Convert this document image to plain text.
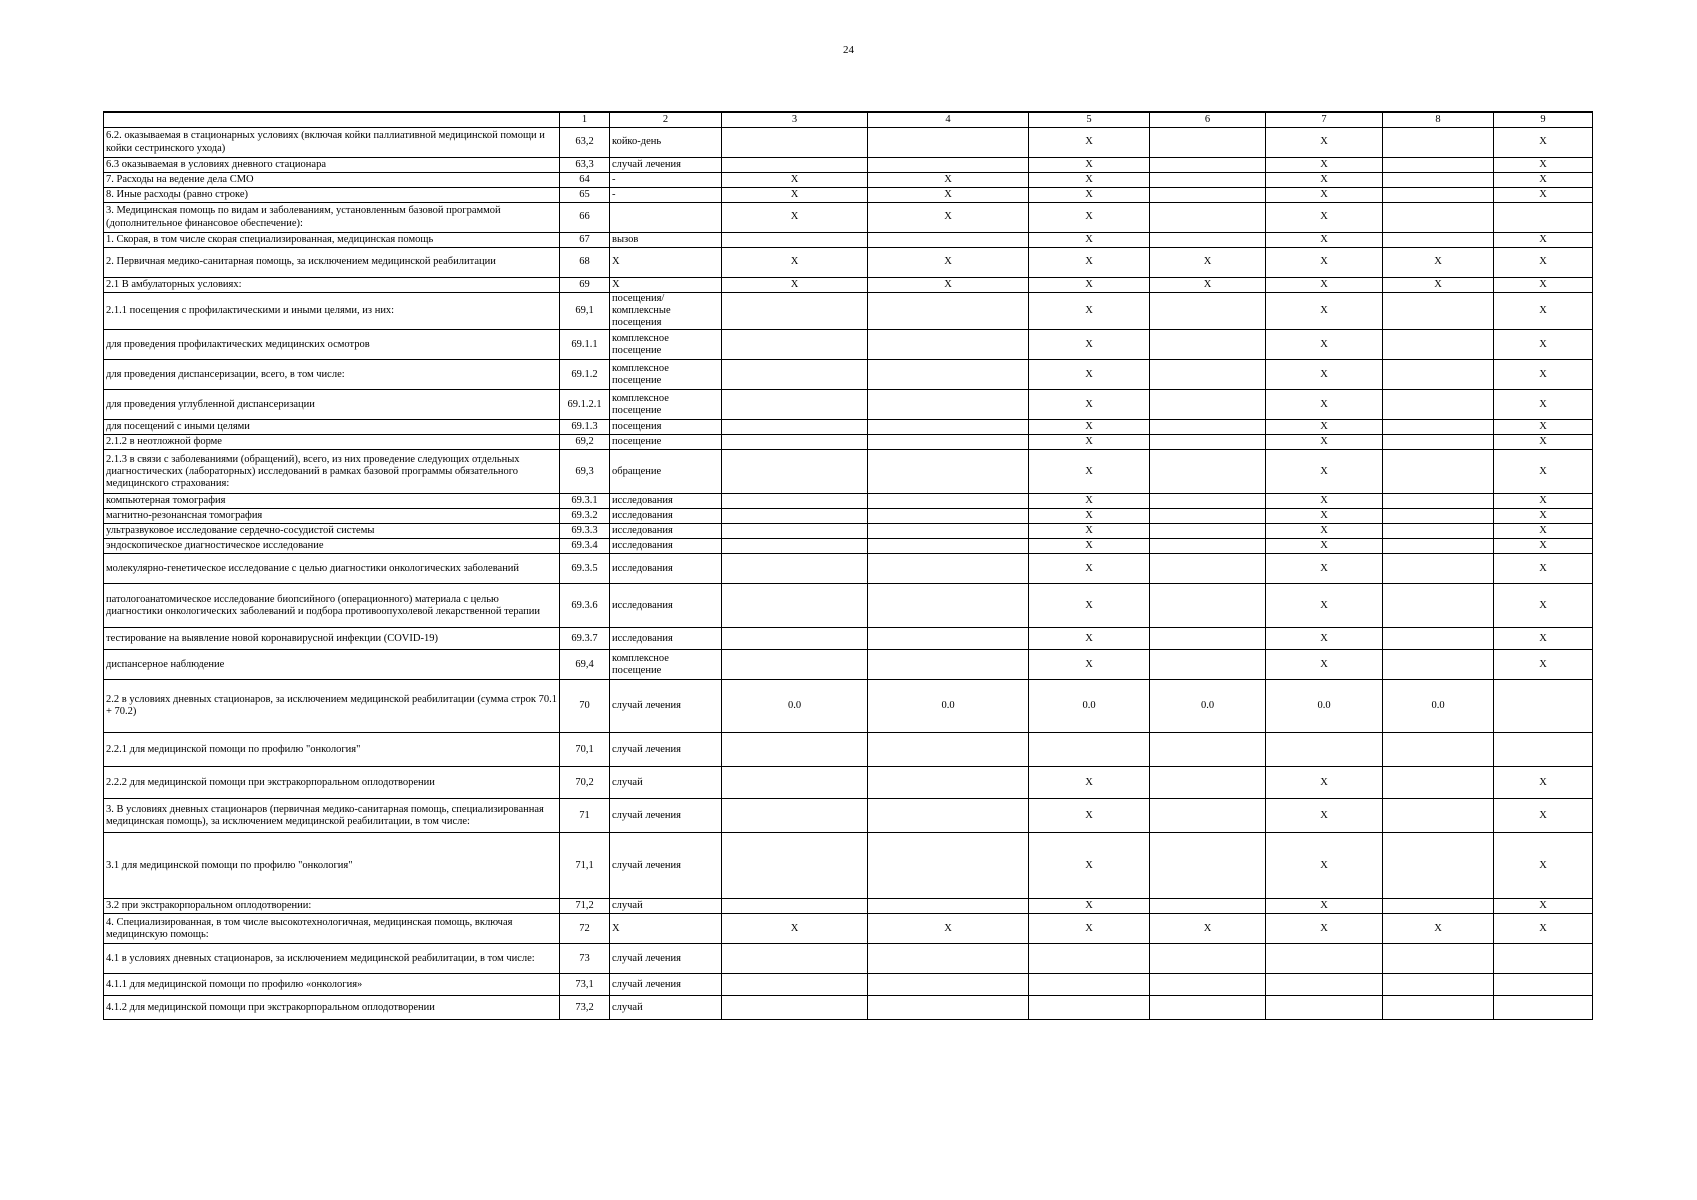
24
	1	2	3	4	5	6	7	8	9
6.2. оказываемая в стационарных условиях (включая койки паллиативной медицинской помощи и койки сестринского ухода)	63,2	койко-день			X		X		X
6.3 оказываемая в условиях дневного стационара	63,3	случай лечения			X		X		X
7. Расходы на ведение дела СМО	64	-	X	X	X		X		X
8. Иные расходы (равно строке)	65	-	X	X	X		X		X
3. Медицинская помощь по видам и заболеваниям, установленным базовой программой (дополнительное финансовое обеспечение):	66		X	X	X		X		
1. Скорая, в том числе скорая специализированная, медицинская помощь	67	вызов			X		X		X
2. Первичная медико-санитарная помощь, за исключением медицинской реабилитации	68	X	X	X	X	X	X	X	X
2.1 В амбулаторных условиях:	69	X	X	X	X	X	X	X	X
2.1.1 посещения с профилактическими и иными целями, из них:	69,1	посещения/комплексные посещения			X		X		X
для проведения профилактических медицинских осмотров	69.1.1	комплексное посещение			X		X		X
для проведения диспансеризации, всего, в том числе:	69.1.2	комплексное посещение			X		X		X
для проведения углубленной диспансеризации	69.1.2.1	комплексное посещение			X		X		X
для посещений с иными целями	69.1.3	посещения			X		X		X
2.1.2 в неотложной форме	69,2	посещение			X		X		X
2.1.3 в связи с заболеваниями (обращений), всего, из них проведение следующих отдельных диагностических (лабораторных) исследований в рамках базовой программы обязательного медицинского страхования:	69,3	обращение			X		X		X
компьютерная томография	69.3.1	исследования			X		X		X
магнитно-резонансная томография	69.3.2	исследования			X		X		X
ультразвуковое исследование сердечно-сосудистой системы	69.3.3	исследования			X		X		X
эндоскопическое диагностическое исследование	69.3.4	исследования			X		X		X
молекулярно-генетическое исследование с целью диагностики онкологических заболеваний	69.3.5	исследования			X		X		X
патологоанатомическое исследование биопсийного (операционного) материала с целью диагностики онкологических заболеваний и подбора противоопухолевой лекарственной терапии	69.3.6	исследования			X		X		X
тестирование на выявление новой коронавирусной инфекции (COVID-19)	69.3.7	исследования			X		X		X
диспансерное наблюдение	69,4	комплексное посещение			X		X		X
2.2 в условиях дневных стационаров, за исключением медицинской реабилитации (сумма строк 70.1 + 70.2)	70	случай лечения	0.0	0.0	0.0	0.0	0.0	0.0	
2.2.1 для медицинской помощи по профилю "онкология"	70,1	случай лечения							
2.2.2 для медицинской помощи при экстракорпоральном оплодотворении	70,2	случай			X		X		X
3. В условиях дневных стационаров (первичная медико-санитарная помощь, специализированная медицинская помощь), за исключением медицинской реабилитации, в том числе:	71	случай лечения			X		X		X
3.1 для медицинской помощи по профилю "онкология"	71,1	случай лечения			X		X		X
3.2 при экстракорпоральном оплодотворении:	71,2	случай			X		X		X
4. Специализированная, в том числе высокотехнологичная, медицинская помощь, включая медицинскую помощь:	72	X	X	X	X	X	X	X	X
4.1 в условиях дневных стационаров, за исключением медицинской реабилитации, в том числе:	73	случай лечения							
4.1.1 для медицинской помощи по профилю «онкология»	73,1	случай лечения							
4.1.2 для медицинской помощи при экстракорпоральном оплодотворении	73,2	случай							
